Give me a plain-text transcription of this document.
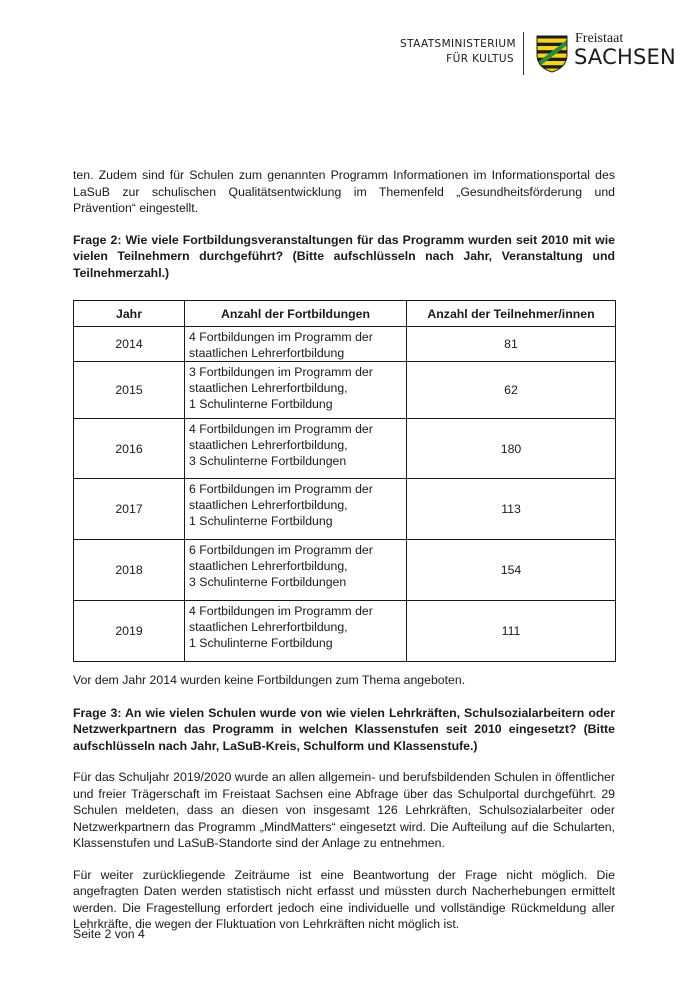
STAATSMINISTERIUM
FÜR KULTUS
Freistaat
SACHSEN

ten. Zudem sind für Schulen zum genannten Programm Informationen im Informationsportal des LaSuB zur schulischen Qualitätsentwicklung im Themenfeld „Gesundheitsförderung und Prävention“ eingestellt.

Frage 2: Wie viele Fortbildungsveranstaltungen für das Programm wurden seit 2010 mit wie vielen Teilnehmern durchgeführt? (Bitte aufschlüsseln nach Jahr, Veranstaltung und Teilnehmerzahl.)

Jahr	Anzahl der Fortbildungen	Anzahl der Teilnehmer/innen
2014	4 Fortbildungen im Programm der
staatlichen Lehrerfortbildung	81
2015	3 Fortbildungen im Programm der
staatlichen Lehrerfortbildung,
1 Schulinterne Fortbildung	62
2016	4 Fortbildungen im Programm der
staatlichen Lehrerfortbildung,
3 Schulinterne Fortbildungen	180
2017	6 Fortbildungen im Programm der
staatlichen Lehrerfortbildung,
1 Schulinterne Fortbildung	113
2018	6 Fortbildungen im Programm der
staatlichen Lehrerfortbildung,
3 Schulinterne Fortbildungen	154
2019	4 Fortbildungen im Programm der
staatlichen Lehrerfortbildung,
1 Schulinterne Fortbildung	111

Vor dem Jahr 2014 wurden keine Fortbildungen zum Thema angeboten.

Frage 3: An wie vielen Schulen wurde von wie vielen Lehrkräften, Schulsozialarbeitern oder Netzwerkpartnern das Programm in welchen Klassenstufen seit 2010 eingesetzt? (Bitte aufschlüsseln nach Jahr, LaSuB-Kreis, Schulform und Klassenstufe.)

Für das Schuljahr 2019/2020 wurde an allen allgemein- und berufsbildenden Schulen in öffentlicher und freier Trägerschaft im Freistaat Sachsen eine Abfrage über das Schulportal durchgeführt. 29 Schulen meldeten, dass an diesen von insgesamt 126 Lehrkräften, Schulsozialarbeiter oder Netzwerkpartnern das Programm „MindMatters“ eingesetzt wird. Die Aufteilung auf die Schularten, Klassenstufen und LaSuB-Standorte sind der Anlage zu entnehmen.

Für weiter zurückliegende Zeiträume ist eine Beantwortung der Frage nicht möglich. Die angefragten Daten werden statistisch nicht erfasst und müssten durch Nacherhebungen ermittelt werden. Die Fragestellung erfordert jedoch eine individuelle und vollständige Rückmeldung aller Lehrkräfte, die wegen der Fluktuation von Lehrkräften nicht möglich ist.

Seite 2 von 4
